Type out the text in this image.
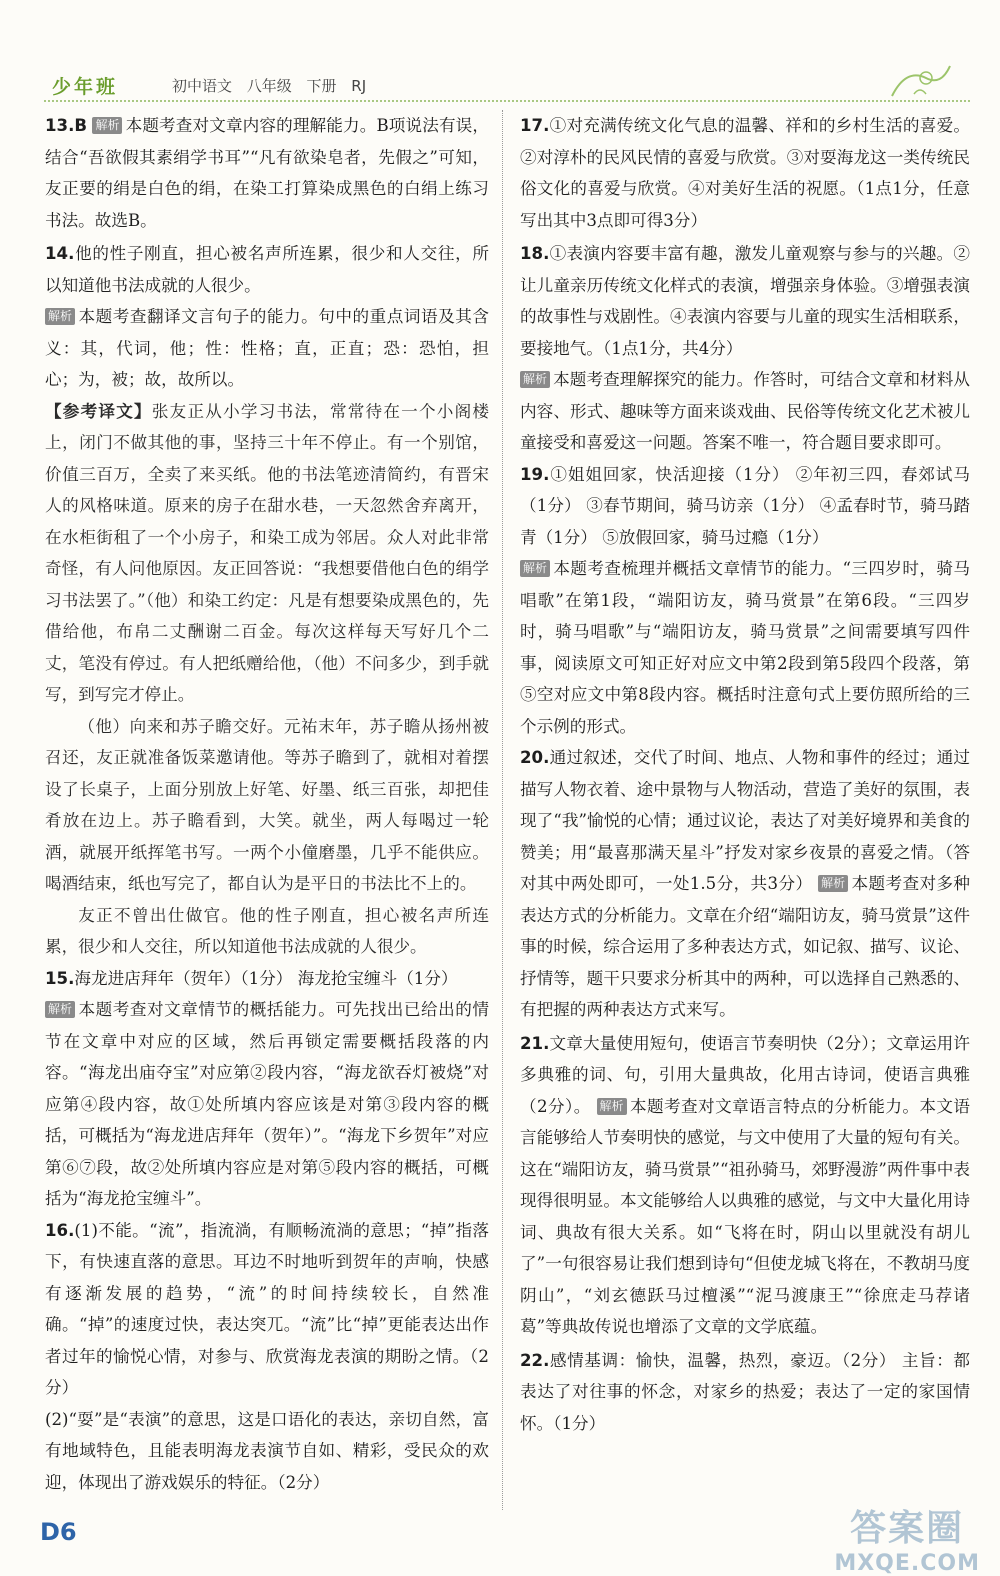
少年班	初中语文 八年级 下册 RJ
13.B 解析 本题考查对文章内容的理解能力。B项说法有误，结合“吾欲假其素绢学书耳”“凡有欲染皂者，先假之”可知，友正要的绢是白色的绢，在染工打算染成黑色的白绢上练习书法。故选B。
14.他的性子刚直，担心被名声所连累，很少和人交往，所以知道他书法成就的人很少。

解析 本题考查翻译文言句子的能力。句中的重点词语及其含义：其，代词，他；性：性格；直，正直；恐：恐怕，担心；为，被；故，故所以。

【参考译文】张友正从小学习书法，常常待在一个小阁楼上，闭门不做其他的事，坚持三十年不停止。有一个别馆，价值三百万，全卖了来买纸。他的书法笔迹清简约，有晋宋人的风格味道。原来的房子在甜水巷，一天忽然舍弃离开，在水柜街租了一个小房子，和染工成为邻居。众人对此非常奇怪，有人问他原因。友正回答说：“我想要借他白色的绢学习书法罢了。”（他）和染工约定：凡是有想要染成黑色的，先借给他，布帛二丈酬谢二百金。每次这样每天写好几个二丈，笔没有停过。有人把纸赠给他，（他）不问多少，到手就写，到写完才停止。

（他）向来和苏子瞻交好。元祐末年，苏子瞻从扬州被召还，友正就准备饭菜邀请他。等苏子瞻到了，就相对着摆设了长桌子，上面分别放上好笔、好墨、纸三百张，却把佳肴放在边上。苏子瞻看到，大笑。就坐，两人每喝过一轮酒，就展开纸挥笔书写。一两个小僮磨墨，几乎不能供应。喝酒结束，纸也写完了，都自认为是平日的书法比不上的。

友正不曾出仕做官。他的性子刚直，担心被名声所连累，很少和人交往，所以知道他书法成就的人很少。

15.海龙进店拜年（贺年）（1分） 海龙抢宝缠斗（1分）

解析 本题考查对文章情节的概括能力。可先找出已给出的情节在文章中对应的区域，然后再锁定需要概括段落的内容。“海龙出庙夺宝”对应第②段内容，“海龙欲吞灯被烧”对应第④段内容，故①处所填内容应该是对第③段内容的概括，可概括为“海龙进店拜年（贺年）”。“海龙下乡贺年”对应第⑥⑦段，故②处所填内容应是对第⑤段内容的概括，可概括为“海龙抢宝缠斗”。

16.(1)不能。“流”，指流淌，有顺畅流淌的意思；“掉”指落下，有快速直落的意思。耳边不时地听到贺年的声响，快感有逐渐发展的趋势，“流”的时间持续较长，自然准确。“掉”的速度过快，表达突兀。“流”比“掉”更能表达出作者过年的愉悦心情，对参与、欣赏海龙表演的期盼之情。（2分）

(2)“耍”是“表演”的意思，这是口语化的表达，亲切自然，富有地域特色，且能表明海龙表演节自如、精彩，受民众的欢迎，体现出了游戏娱乐的特征。（2分）

17.①对充满传统文化气息的温馨、祥和的乡村生活的喜爱。②对淳朴的民风民情的喜爱与欣赏。③对耍海龙这一类传统民俗文化的喜爱与欣赏。④对美好生活的祝愿。（1点1分，任意写出其中3点即可得3分）
18.①表演内容要丰富有趣，激发儿童观察与参与的兴趣。②让儿童亲历传统文化样式的表演，增强亲身体验。③增强表演的故事性与戏剧性。④表演内容要与儿童的现实生活相联系，要接地气。（1点1分，共4分）

解析 本题考查理解探究的能力。作答时，可结合文章和材料从内容、形式、趣味等方面来谈戏曲、民俗等传统文化艺术被儿童接受和喜爱这一问题。答案不唯一，符合题目要求即可。

19.①姐姐回家，快活迎接（1分） ②年初三四，春郊试马（1分） ③春节期间，骑马访亲（1分） ④孟春时节，骑马踏青（1分） ⑤放假回家，骑马过瘾（1分）

解析 本题考查梳理并概括文章情节的能力。“三四岁时，骑马唱歌”在第1段，“端阳访友，骑马赏景”在第6段。“三四岁时，骑马唱歌”与“端阳访友，骑马赏景”之间需要填写四件事，阅读原文可知正好对应文中第2段到第5段四个段落，第⑤空对应文中第8段内容。概括时注意句式上要仿照所给的三个示例的形式。

20.通过叙述，交代了时间、地点、人物和事件的经过；通过描写人物衣着、途中景物与人物活动，营造了美好的氛围，表现了“我”愉悦的心情；通过议论，表达了对美好境界和美食的赞美；用“最喜那满天星斗”抒发对家乡夜景的喜爱之情。（答对其中两处即可，一处1.5分，共3分） 解析 本题考查对多种表达方式的分析能力。文章在介绍“端阳访友，骑马赏景”这件事的时候，综合运用了多种表达方式，如记叙、描写、议论、抒情等，题干只要求分析其中的两种，可以选择自己熟悉的、有把握的两种表达方式来写。
21.文章大量使用短句，使语言节奏明快（2分）；文章运用许多典雅的词、句，引用大量典故，化用古诗词，使语言典雅（2分）。 解析 本题考查对文章语言特点的分析能力。本文语言能够给人节奏明快的感觉，与文中使用了大量的短句有关。这在“端阳访友，骑马赏景”“祖孙骑马，郊野漫游”两件事中表现得很明显。本文能够给人以典雅的感觉，与文中大量化用诗词、典故有很大关系。如“飞将在时，阴山以里就没有胡儿了”一句很容易让我们想到诗句“但使龙城飞将在，不教胡马度阴山”，“刘玄德跃马过檀溪”“泥马渡康王”“徐庶走马荐诸葛”等典故传说也增添了文章的文学底蕴。
22.感情基调：愉快，温馨，热烈，豪迈。（2分） 主旨：都表达了对往事的怀念，对家乡的热爱；表达了一定的家国情怀。（1分）
D6	答案圈
MXQE.COM
